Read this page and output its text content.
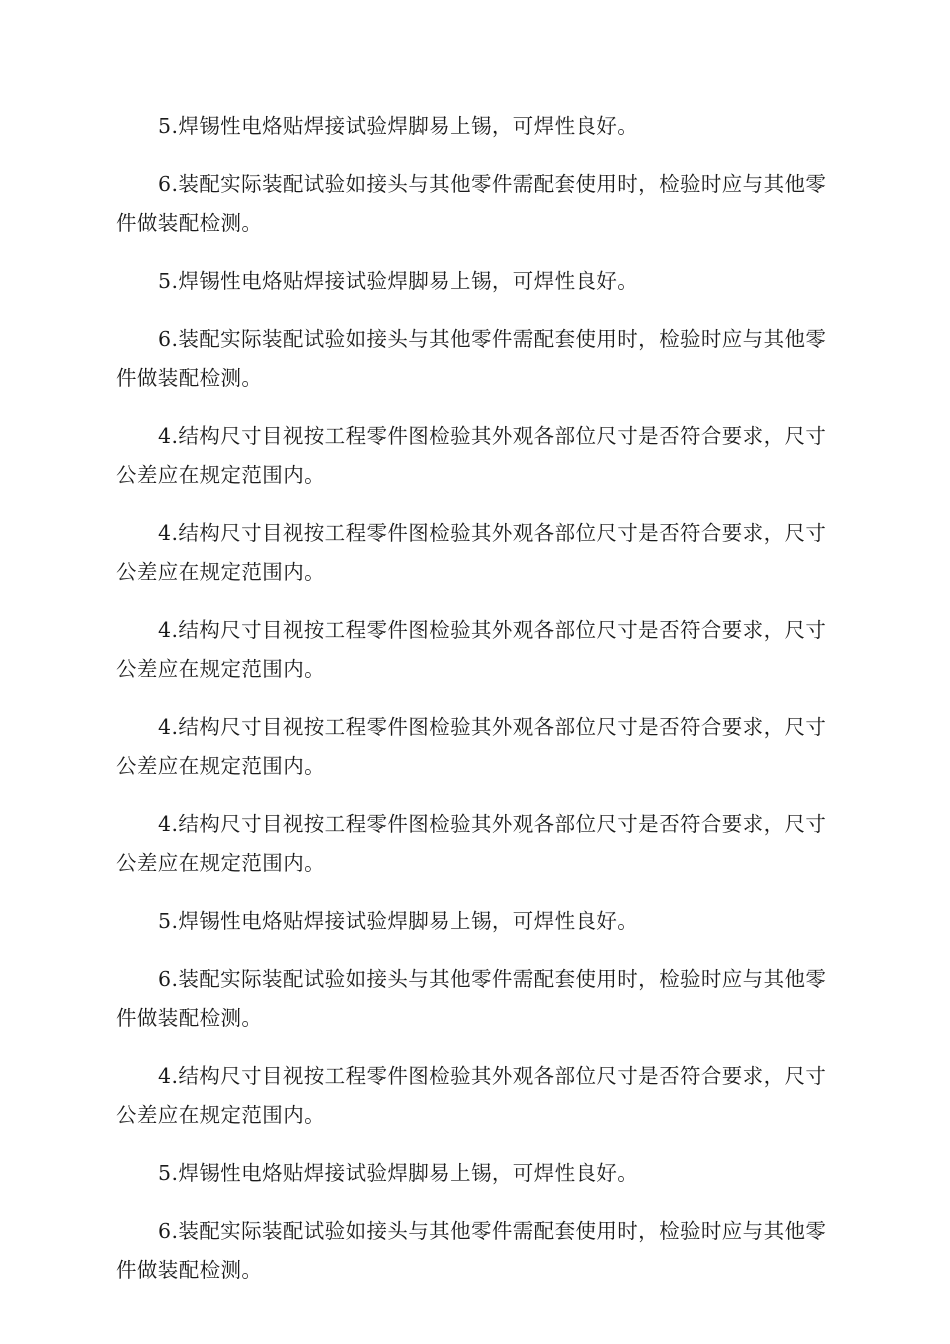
5.焊锡性电烙贴焊接试验焊脚易上锡，可焊性良好。

6.装配实际装配试验如接头与其他零件需配套使用时，检验时应与其他零件做装配检测。

5.焊锡性电烙贴焊接试验焊脚易上锡，可焊性良好。

6.装配实际装配试验如接头与其他零件需配套使用时，检验时应与其他零件做装配检测。

4.结构尺寸目视按工程零件图检验其外观各部位尺寸是否符合要求，尺寸公差应在规定范围内。

4.结构尺寸目视按工程零件图检验其外观各部位尺寸是否符合要求，尺寸公差应在规定范围内。

4.结构尺寸目视按工程零件图检验其外观各部位尺寸是否符合要求，尺寸公差应在规定范围内。

4.结构尺寸目视按工程零件图检验其外观各部位尺寸是否符合要求，尺寸公差应在规定范围内。

4.结构尺寸目视按工程零件图检验其外观各部位尺寸是否符合要求，尺寸公差应在规定范围内。

5.焊锡性电烙贴焊接试验焊脚易上锡，可焊性良好。

6.装配实际装配试验如接头与其他零件需配套使用时，检验时应与其他零件做装配检测。

4.结构尺寸目视按工程零件图检验其外观各部位尺寸是否符合要求，尺寸公差应在规定范围内。

5.焊锡性电烙贴焊接试验焊脚易上锡，可焊性良好。

6.装配实际装配试验如接头与其他零件需配套使用时，检验时应与其他零件做装配检测。
